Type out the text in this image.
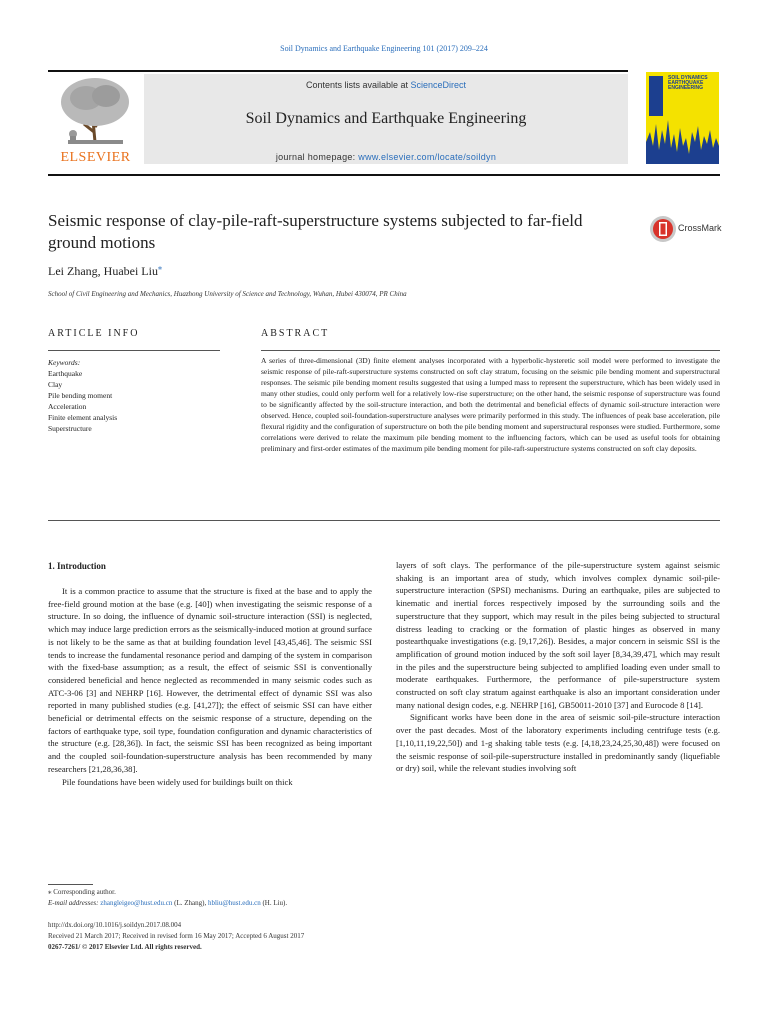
Soil Dynamics and Earthquake Engineering 101 (2017) 209–224
ELSEVIER
Contents lists available at ScienceDirect
Soil Dynamics and Earthquake Engineering
journal homepage: www.elsevier.com/locate/soildyn
SOIL DYNAMICS EARTHQUAKE ENGINEERING
Seismic response of clay-pile-raft-superstructure systems subjected to far-field ground motions
CrossMark
Lei Zhang, Huabei Liu⁎
School of Civil Engineering and Mechanics, Huazhong University of Science and Technology, Wuhan, Hubei 430074, PR China
ARTICLE INFO
Keywords:
Earthquake
Clay
Pile bending moment
Acceleration
Finite element analysis
Superstructure
ABSTRACT
A series of three-dimensional (3D) finite element analyses incorporated with a hyperbolic-hysteretic soil model were performed to investigate the seismic response of pile-raft-superstructure systems constructed on soft clay stratum, focusing on the seismic pile bending moment and superstructural responses. The seismic pile bending moment results suggested that using a lumped mass to represent the superstructure, which has been widely used in many other studies, could only perform well for a relatively low-rise superstructure; on the other hand, the seismic response of superstructure was found to be significantly affected by the soil-structure interaction, and both the detrimental and beneficial effects of dynamic soil-structure interaction were observed. Hence, coupled soil-foundation-superstructure analyses were primarily performed in this study. The influences of peak base acceleration, pile flexural rigidity and the configuration of superstructure on both the pile bending moment and superstructural responses were studied. Furthermore, some correlations were derived to relate the maximum pile bending moment to the influencing factors, which can be used as useful tools for obtaining preliminary and first-order estimates of the maximum pile bending moment for pile-raft-superstructure systems constructed on soft clay deposits.
1. Introduction

It is a common practice to assume that the structure is fixed at the base and to apply the free-field ground motion at the base (e.g. [40]) when investigating the seismic response of a structure. In so doing, the influence of dynamic soil-structure interaction (SSI) is neglected, which may induce large prediction errors as the seismically-induced motion at ground surface is not likely to be the same as that at building foundation level [43,45,46]. The seismic SSI tends to increase the fundamental resonance period and damping of the system in comparison with the fixed-base assumption; as a result, the effect of seismic SSI is conventionally considered beneficial and hence neglected as recommended in many seismic codes such as ATC-3-06 [3] and NEHRP [16]. However, the detrimental effect of dynamic SSI was also reported in many published studies (e.g. [41,27]); the effect of seismic SSI can have either beneficial or detrimental effects on the seismic response of a structure, depending on the factors of earthquake type, soil type, foundation configuration and dynamic characteristics of the structure (e.g. [28,36]). In fact, the seismic SSI has been recognized as being important and the coupled soil-foundation-superstructure analysis has been recommended by many researchers [21,28,36,38].

Pile foundations have been widely used for buildings built on thick

layers of soft clays. The performance of the pile-superstructure system against seismic shaking is an important area of study, which involves complex dynamic soil-pile-superstructure interaction (SPSI) mechanisms. During an earthquake, piles are subjected to kinematic and inertial forces respectively imposed by the surrounding soils and the superstructure that they support, which may result in the piles being subjected to structural distress leading to cracking or the formation of plastic hinges as observed in many postearthquake investigations (e.g. [9,17,26]). Besides, a major concern in seismic SSI is the amplification of ground motion induced by the soft soil layer [8,34,39,47], which may result in the piles and the superstructure being subjected to amplified loading even under small to moderate earthquakes. Furthermore, the performance of pile-superstructure system constructed on soft clay stratum against earthquake is also an important consideration under many national design codes, e.g. NEHRP [16], GB50011-2010 [37] and Eurocode 8 [14].

Significant works have been done in the area of seismic soil-pile-structure interaction over the past decades. Most of the laboratory experiments including centrifuge tests (e.g. [1,10,11,19,22,50]) and 1-g shaking table tests (e.g. [4,18,23,24,25,30,48]) were focused on the seismic response of soil-pile-superstructure installed in predominantly sandy (liquefiable or dry) soil, while the relevant studies involving soft

⁎ Corresponding author.
E-mail addresses: zhangleigeo@hust.edu.cn (L. Zhang), hbliu@hust.edu.cn (H. Liu).
http://dx.doi.org/10.1016/j.soildyn.2017.08.004
Received 21 March 2017; Received in revised form 16 May 2017; Accepted 6 August 2017
0267-7261/ © 2017 Elsevier Ltd. All rights reserved.
